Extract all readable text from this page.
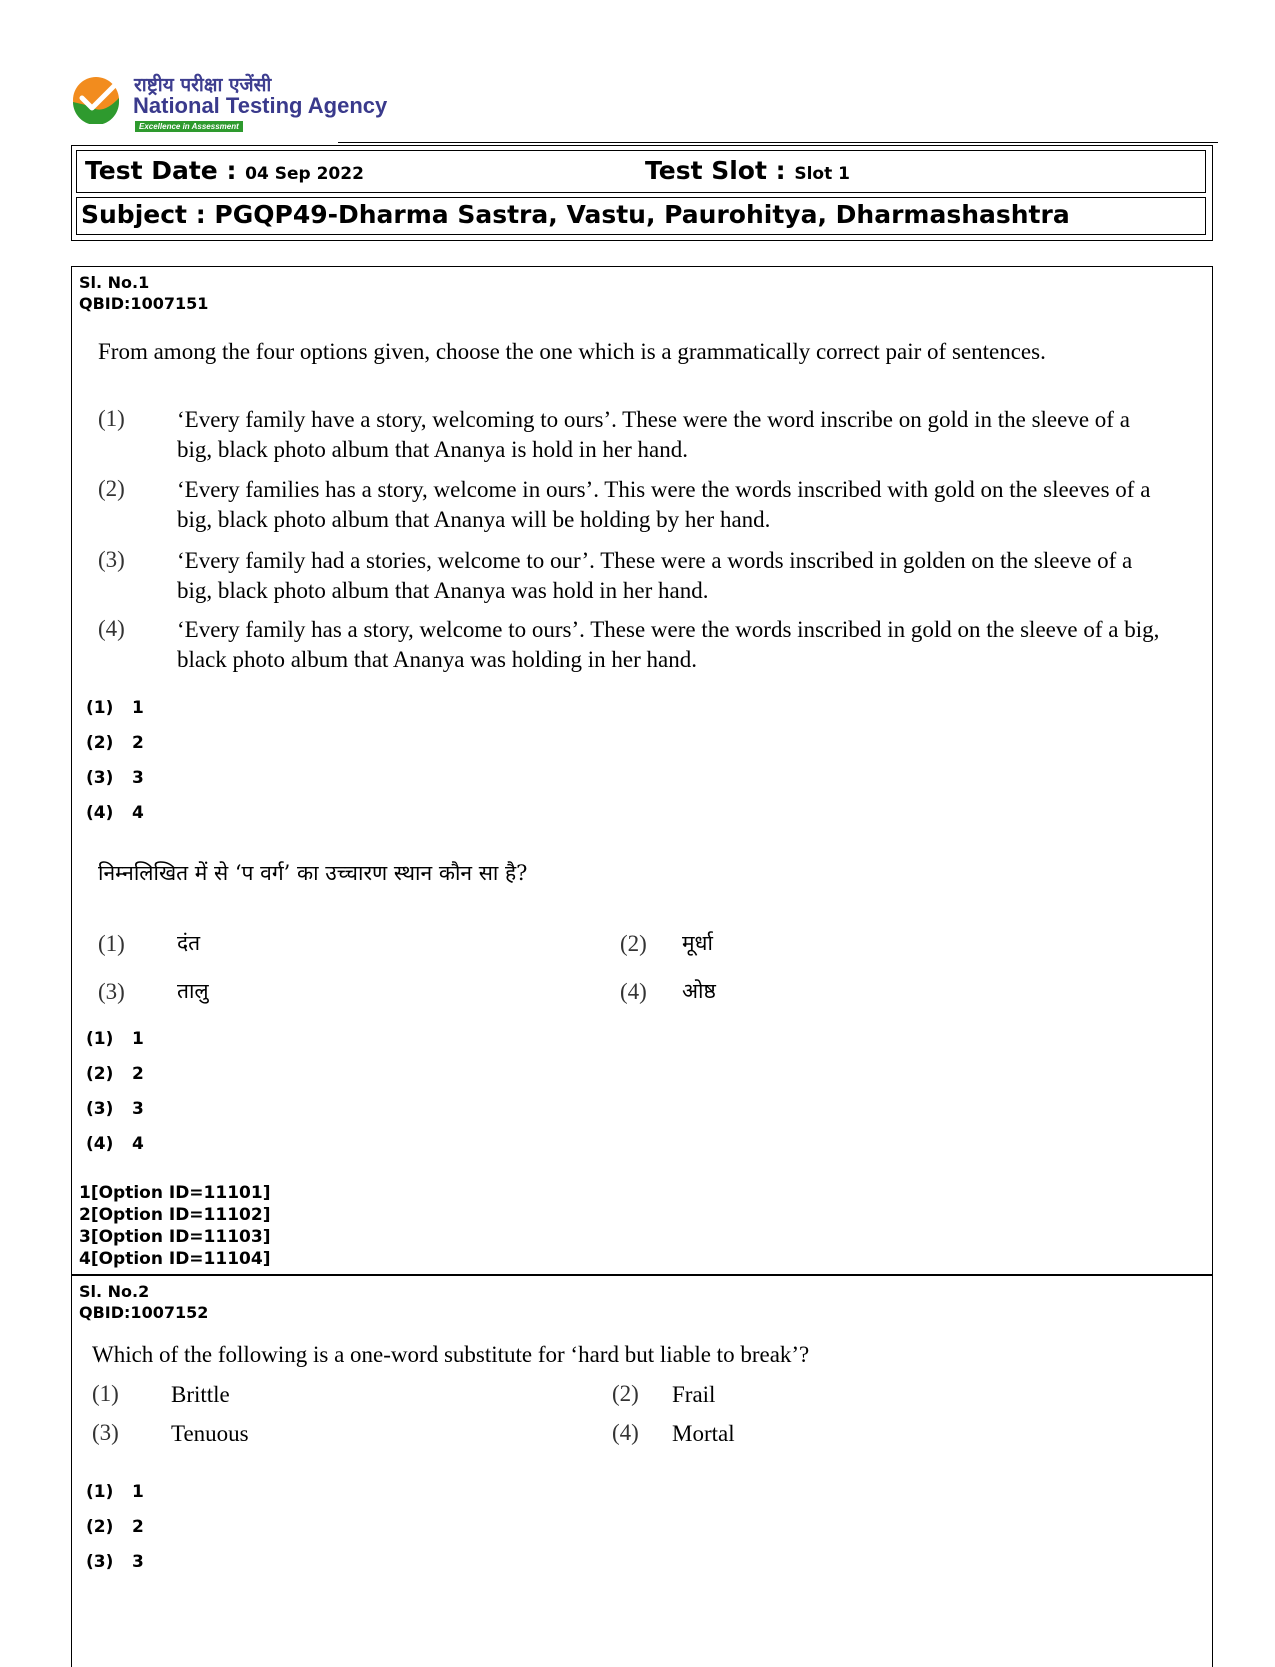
राष्ट्रीय परीक्षा एजेंसी
National Testing Agency
Excellence in Assessment
Test Date : 04 Sep 2022	Test Slot : Slot 1
Subject : PGQP49-Dharma Sastra, Vastu, Paurohitya, Dharmashashtra
Sl. No.1
QBID:1007151
From among the four options given, choose the one which is a grammatically correct pair of sentences.
(1) ‘Every family have a story, welcoming to ours’. These were the word inscribe on gold in the sleeve of a big, black photo album that Ananya is hold in her hand.
(2) ‘Every families has a story, welcome in ours’. This were the words inscribed with gold on the sleeves of a big, black photo album that Ananya will be holding by her hand.
(3) ‘Every family had a stories, welcome to our’. These were a words inscribed in golden on the sleeve of a big, black photo album that Ananya was hold in her hand.
(4) ‘Every family has a story, welcome to ours’. These were the words inscribed in gold on the sleeve of a big, black photo album that Ananya was holding in her hand.
(1) 1
(2) 2
(3) 3
(4) 4
निम्नलिखित में से ‘प वर्ग’ का उच्चारण स्थान कौन सा है?
(1) दंत	(2) मूर्धा
(3) तालु	(4) ओष्ठ
(1) 1
(2) 2
(3) 3
(4) 4
1[Option ID=11101]
2[Option ID=11102]
3[Option ID=11103]
4[Option ID=11104]
Sl. No.2
QBID:1007152
Which of the following is a one-word substitute for ‘hard but liable to break’?
(1) Brittle	(2) Frail
(3) Tenuous	(4) Mortal
(1) 1
(2) 2
(3) 3
